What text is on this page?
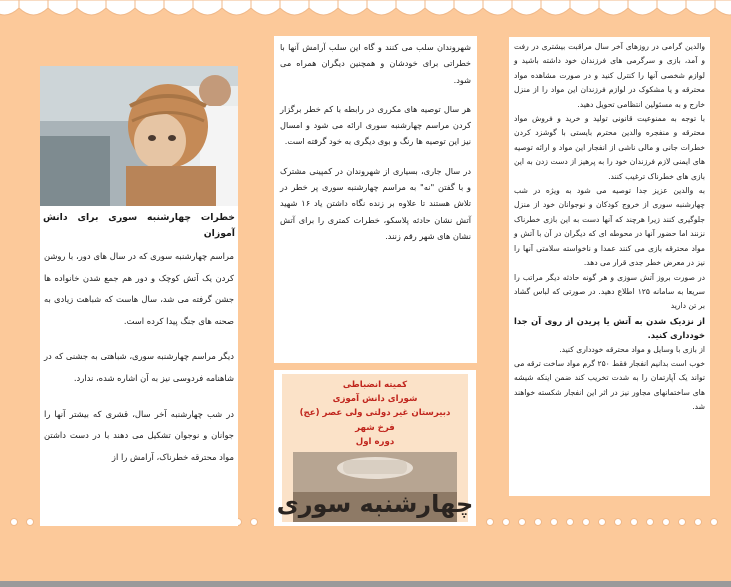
والدین گرامی در روزهای آخر سال مراقبت بیشتری در رفت و آمد، بازی و سرگرمی های فرزندان خود داشته باشید و لوازم شخصی آنها را کنترل کنید و در صورت مشاهده مواد محترقه و یا مشکوک در لوازم فرزندان این مواد را از منزل خارج و به مسئولین انتظامی تحویل دهید.

با توجه به ممنوعیت قانونی تولید و خرید و فروش مواد محترقه و منفجره والدین محترم بایستی با گوشزد کردن خطرات جانی و مالی ناشی از انفجار این مواد و ارائه توصیه های ایمنی لازم فرزندان خود را به پرهیز از دست زدن به این بازی های خطرناک ترغیب کنند.

به والدین عزیز جدا توصیه می شود به ویژه در شب چهارشنبه سوری از خروج کودکان و نوجوانان خود از منزل جلوگیری کنند زیرا هرچند که آنها دست به این بازی خطرناک نزنند اما حضور آنها در محوطه ای که دیگران در آن با آتش و مواد محترقه بازی می کنند عمدا و ناخواسته سلامتی آنها را نیز در معرض خطر جدی قرار می دهد.

در صورت بروز آتش سوزی و هر گونه حادثه دیگر مراتب را سریعا به سامانه ۱۲۵ اطلاع دهید. در صورتی که لباس گشاد بر تن دارید

از نزدیک شدن به آتش یا پریدن از روی آن جدا خودداری کنید.

از بازی با وسایل و مواد محترقه خودداری کنید.

خوب است بدانیم انفجار فقط ۲۵۰ گرم مواد ساخت ترقه می تواند یک آپارتمان را به شدت تخریب کند ضمن اینکه شیشه های ساختمانهای مجاور نیز در اثر این انفجار شکسته خواهند شد.

شهروندان سلب می کنند و گاه این سلب آرامش آنها با خطراتی برای خودشان و همچنین دیگران همراه می شود.

هر سال توصیه های مکرری در رابطه با کم خطر برگزار کردن مراسم چهارشنبه سوری ارائه می شود و امسال نیز این توصیه ها رنگ و بوی دیگری به خود گرفته است.

در سال جاری، بسیاری از شهروندان در کمپینی مشترک و با گفتن "نه" به مراسم چهارشنبه سوری پر خطر در تلاش هستند تا علاوه بر زنده نگاه داشتن یاد ۱۶ شهید آتش نشان حادثه پلاسکو، خطرات کمتری را برای آتش نشان های شهر رقم زنند.

کمیته انضباطی
شورای دانش آموزی
دبیرستان غیر دولتی ولی عصر (عج)
فرخ شهر
دوره اول
چهارشنبه سوری
خطرات چهارشنبه سوری برای دانش آموزان

مراسم چهارشنبه سوری که در سال های دور، با روشن کردن یک آتش کوچک و دور هم جمع شدن خانواده ها جشن گرفته می شد، سال هاست که شباهت زیادی به صحنه های جنگ پیدا کرده است.

دیگر مراسم چهارشنبه سوری، شباهتی به جشنی که در شاهنامه فردوسی نیز به آن اشاره شده، ندارد.

در شب چهارشنبه آخر سال، قشری که بیشتر آنها را جوانان و نوجوان تشکیل می دهند با در دست داشتن مواد محترقه خطرناک، آرامش را از
